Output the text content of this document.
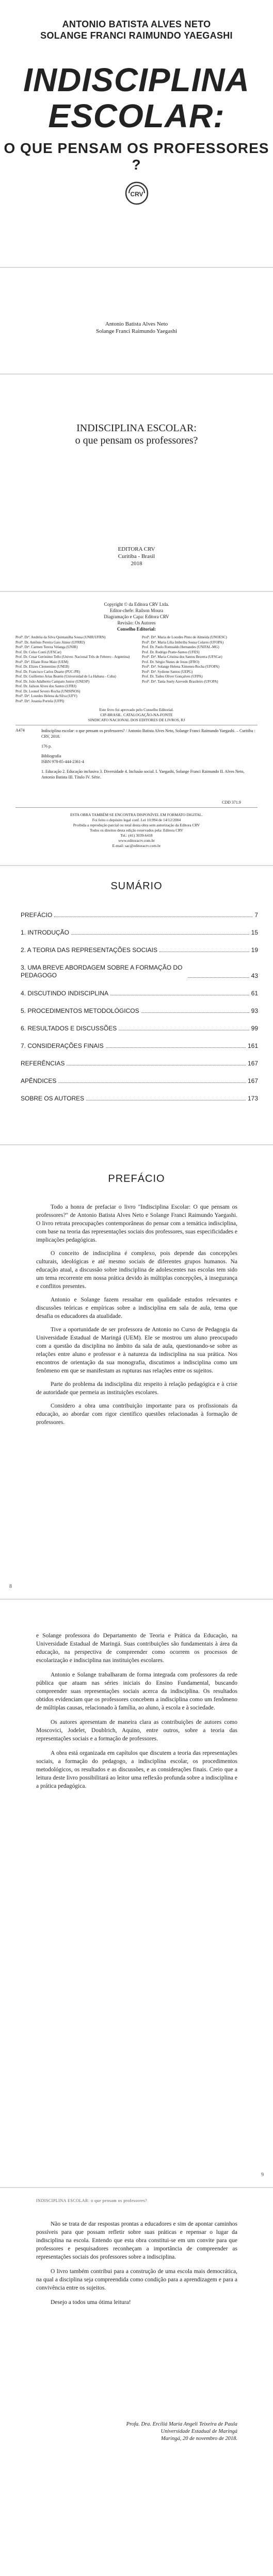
ANTONIO BATISTA ALVES NETO
SOLANGE FRANCI RAIMUNDO YAEGASHI
INDISCIPLINA
ESCOLAR:
O QUE PENSAM OS PROFESSORES ?
CRV
Antonio Batista Alves Neto
Solange Franci Raimundo Yaegashi
INDISCIPLINA ESCOLAR:
o que pensam os professores?
EDITORA CRV
Curitiba - Brasil
2018
Copyright © da Editora CRV Ltda.
Editor-chefe: Railson Moura
Diagramação e Capa: Editora CRV
Revisão: Os Autores
Conselho Editorial:
Profª. Drª. Andréia da Silva Quintanilha Sousa (UNIR/UFRN)
Profª. Dr. Antônio Pereira Gaio Júnior (UFRRJ)
Profª. Drª. Carmen Tereza Velanga (UNIR)
Prof. Dr. Celso Conti (UFSCar)
Prof. Dr. Cesar Gerónimo Tello (Univer. Nacional Três de Febrero - Argentina)
Profª. Drª. Eliane Rose Maio (UEM)
Prof. Dr. Elizeu Clementino (UNEB)
Prof. Dr. Francisco Carlos Duarte (PUC-PR)
Prof. Dr. Guillermo Arias Beatón (Universidad de La Habana - Cuba)
Prof. Dr. João Adalberto Campato Junior (UNESP)
Prof. Dr. Jailson Alves dos Santos (UFRJ)
Prof. Dr. Leonel Severo Rocha (UNISINOS)
Profª. Drª. Lourdes Helena da Silva (UFV)
Profª. Drª. Josania Portela (UFPI)
Profª. Drª. Maria de Lourdes Pinto de Almeida (UNOESC)
Profª. Drª. Maria Lília Imbiriba Sousa Colares (UFOPA)
Prof. Dr. Paulo Romualdo Hernandes (UNIFAL-MG)
Prof. Dr. Rodrigo Pratte-Santos (UFES)
Profª. Drª. Maria Cristina dos Santos Bezerra (UFSCar)
Prof. Dr. Sérgio Nunes de Jesus (IFRO)
Profª. Drª. Solange Helena Ximenes-Rocha (UFOPA)
Profª. Drª. Sydione Santos (UEPG)
Prof. Dr. Tadeu Oliver Gonçalves (UFPA)
Profª. Drª. Tania Suely Azevedo Brasileiro (UFOPA)
Este livro foi aprovado pelo Conselho Editorial.
CIP-BRASIL. CATALOGAÇÃO-NA-FONTE
SINDICATO NACIONAL DOS EDITORES DE LIVROS, RJ
A474	Indisciplina escolar: o que pensam os professores? / Antonio Batista Alves Neto, Solange Franci Raimundo Yaegashi. – Curitiba : CRV, 2018.
176 p.
Bibliografia
ISBN 978-85-444-2361-4
1. Educação 2. Educação inclusiva 3. Diversidade 4. Inclusão social. I. Yaegashi, Solange Franci Raimundo II. Alves Neto, Antonio Batista III. Título IV. Série.
CDD 371.9
ESTA OBRA TAMBÉM SE ENCONTRA DISPONÍVEL EM FORMATO DIGITAL.
Foi feito o depósito legal conf. Lei 10.994 de 14/12/2004
Proibida a reprodução parcial ou total desta obra sem autorização da Editora CRV
Todos os direitos desta edição reservados pela: Editora CRV
Tel.: (41) 3039-6418
www.editoracrv.com.br
E-mail: sac@editoracrv.com.br
SUMÁRIO
PREFÁCIO	7
1. INTRODUÇÃO	15
2. A TEORIA DAS REPRESENTAÇÕES SOCIAIS	19
3. UMA BREVE ABORDAGEM SOBRE A FORMAÇÃO DO PEDAGOGO	43
4. DISCUTINDO INDISCIPLINA	61
5. PROCEDIMENTOS METODOLÓGICOS	93
6. RESULTADOS E DISCUSSÕES	99
7. CONSIDERAÇÕES FINAIS	161
REFERÊNCIAS	167
APÊNDICES	167
SOBRE OS AUTORES	173
PREFÁCIO

Todo a honra de prefaciar o livro "Indisciplina Escolar: O que pensam os professores?" de Antonio Batista Alves Neto e Solange Franci Raimundo Yaegashi. O livro retrata preocupações contemporâneas do pensar com a temática indisciplina, com base na teoria das representações sociais dos professores, suas especificidades e implicações pedagógicas.

O conceito de indisciplina é complexo, pois depende das concepções culturais, ideológicas e até mesmo sociais de diferentes grupos humanos. Na educação atual, a discussão sobre indisciplina de adolescentes nas escolas tem sido um tema recorrente em nossa prática devido às múltiplas concepções, à insegurança e conflitos presentes.

Antonio e Solange fazem ressaltar em qualidade estudos relevantes e discussões teóricas e empíricas sobre a indisciplina em sala de aula, tema que desafia os educadores da atualidade.

Tive a oportunidade de ser professora de Antonio no Curso de Pedagogia da Universidade Estadual de Maringá (UEM). Ele se mostrou um aluno preocupado com a questão da disciplina no âmbito da sala de aula, questionando-se sobre as relações entre aluno e professor e à natureza da indisciplina na sua prática. Nos encontros de orientação da sua monografia, discutimos a indisciplina como um fenômeno em que se manifestam as rupturas nas relações entre os sujeitos.

Parte do problema da indisciplina diz respeito à relação pedagógica e à crise de autoridade que permeia as instituições escolares.

Considero a obra uma contribuição importante para os profissionais da educação, ao abordar com rigor científico questões relacionadas à formação de professores.

8

e Solange professora do Departamento de Teoria e Prática da Educação, na Universidade Estadual de Maringá. Suas contribuições são fundamentais à área da educação, na perspectiva de compreender como ocorrem os processos de escolarização e indisciplina nas instituições escolares.

Antonio e Solange trabalharam de forma integrada com professores da rede pública que atuam nas séries iniciais do Ensino Fundamental, buscando compreender suas representações sociais acerca da indisciplina. Os resultados obtidos evidenciam que os professores concebem a indisciplina como um fenômeno de múltiplas causas, relacionado à família, ao aluno, à escola e à sociedade.

Os autores apresentam de maneira clara as contribuições de autores como Moscovici, Jodelet, Doublrich, Aquino, entre outros, sobre a teoria das representações sociais e a formação de professores.

A obra está organizada em capítulos que discutem a teoria das representações sociais, a formação do pedagogo, a indisciplina escolar, os procedimentos metodológicos, os resultados e as discussões, e as considerações finais. Creio que a leitura deste livro possibilitará ao leitor uma reflexão profunda sobre a indisciplina e a prática pedagógica.

9
INDISCIPLINA ESCOLAR: o que pensam os professores?

Não se trata de dar respostas prontas a educadores e sim de apontar caminhos possíveis para que possam refletir sobre suas práticas e repensar o lugar da indisciplina na escola. Entendo que esta obra constitui-se em um convite para que professores e pesquisadores reconheçam a importância de compreender as representações sociais dos professores sobre a indisciplina.

O livro também contribui para a construção de uma escola mais democrática, na qual a disciplina seja compreendida como condição para a aprendizagem e para a convivência entre os sujeitos.

Desejo a todos uma ótima leitura!

Profa. Dra. Erciliá Maria Angeli Teixeira de Paula
Universidade Estadual de Maringá
Maringá, 20 de novembro de 2018.
